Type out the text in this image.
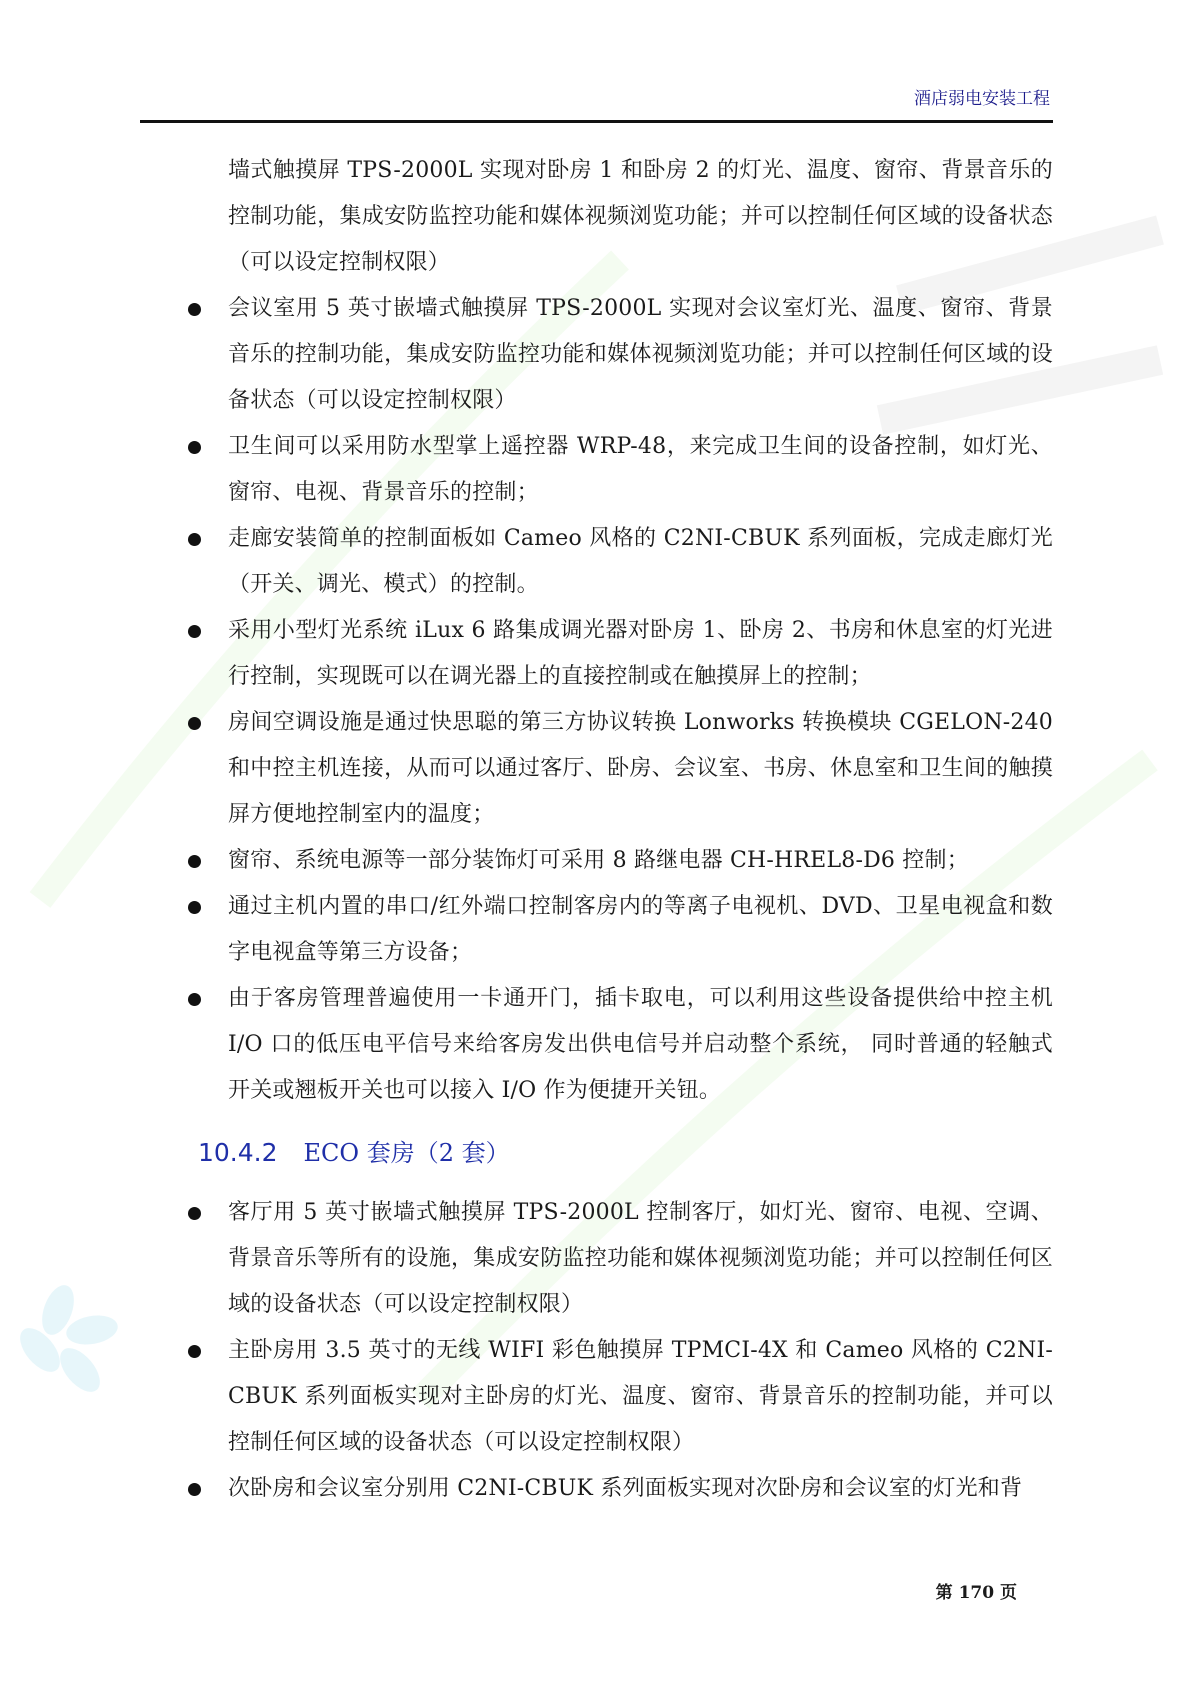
酒店弱电安装工程

墙式触摸屏 TPS-2000L 实现对卧房 1 和卧房 2 的灯光、温度、窗帘、背景音乐的控制功能，集成安防监控功能和媒体视频浏览功能；并可以控制任何区域的设备状态（可以设定控制权限）

会议室用 5 英寸嵌墙式触摸屏 TPS-2000L 实现对会议室灯光、温度、窗帘、背景音乐的控制功能，集成安防监控功能和媒体视频浏览功能；并可以控制任何区域的设备状态（可以设定控制权限）

卫生间可以采用防水型掌上遥控器 WRP-48，来完成卫生间的设备控制，如灯光、窗帘、电视、背景音乐的控制；

走廊安装简单的控制面板如 Cameo 风格的 C2NI-CBUK 系列面板，完成走廊灯光（开关、调光、模式）的控制。

采用小型灯光系统 iLux 6 路集成调光器对卧房 1、卧房 2、书房和休息室的灯光进行控制，实现既可以在调光器上的直接控制或在触摸屏上的控制；

房间空调设施是通过快思聪的第三方协议转换 Lonworks 转换模块 CGELON-240 和中控主机连接，从而可以通过客厅、卧房、会议室、书房、休息室和卫生间的触摸屏方便地控制室内的温度；

窗帘、系统电源等一部分装饰灯可采用 8 路继电器 CH-HREL8-D6 控制；

通过主机内置的串口/红外端口控制客房内的等离子电视机、DVD、卫星电视盒和数字电视盒等第三方设备；

由于客房管理普遍使用一卡通开门，插卡取电，可以利用这些设备提供给中控主机 I/O 口的低压电平信号来给客房发出供电信号并启动整个系统， 同时普通的轻触式开关或翘板开关也可以接入 I/O 作为便捷开关钮。

10.4.2 ECO 套房（2 套）

客厅用 5 英寸嵌墙式触摸屏 TPS-2000L 控制客厅，如灯光、窗帘、电视、空调、背景音乐等所有的设施，集成安防监控功能和媒体视频浏览功能；并可以控制任何区域的设备状态（可以设定控制权限）

主卧房用 3.5 英寸的无线 WIFI 彩色触摸屏 TPMCI-4X 和 Cameo 风格的 C2NI-CBUK 系列面板实现对主卧房的灯光、温度、窗帘、背景音乐的控制功能，并可以控制任何区域的设备状态（可以设定控制权限）

次卧房和会议室分别用 C2NI-CBUK 系列面板实现对次卧房和会议室的灯光和背

第 170 页
